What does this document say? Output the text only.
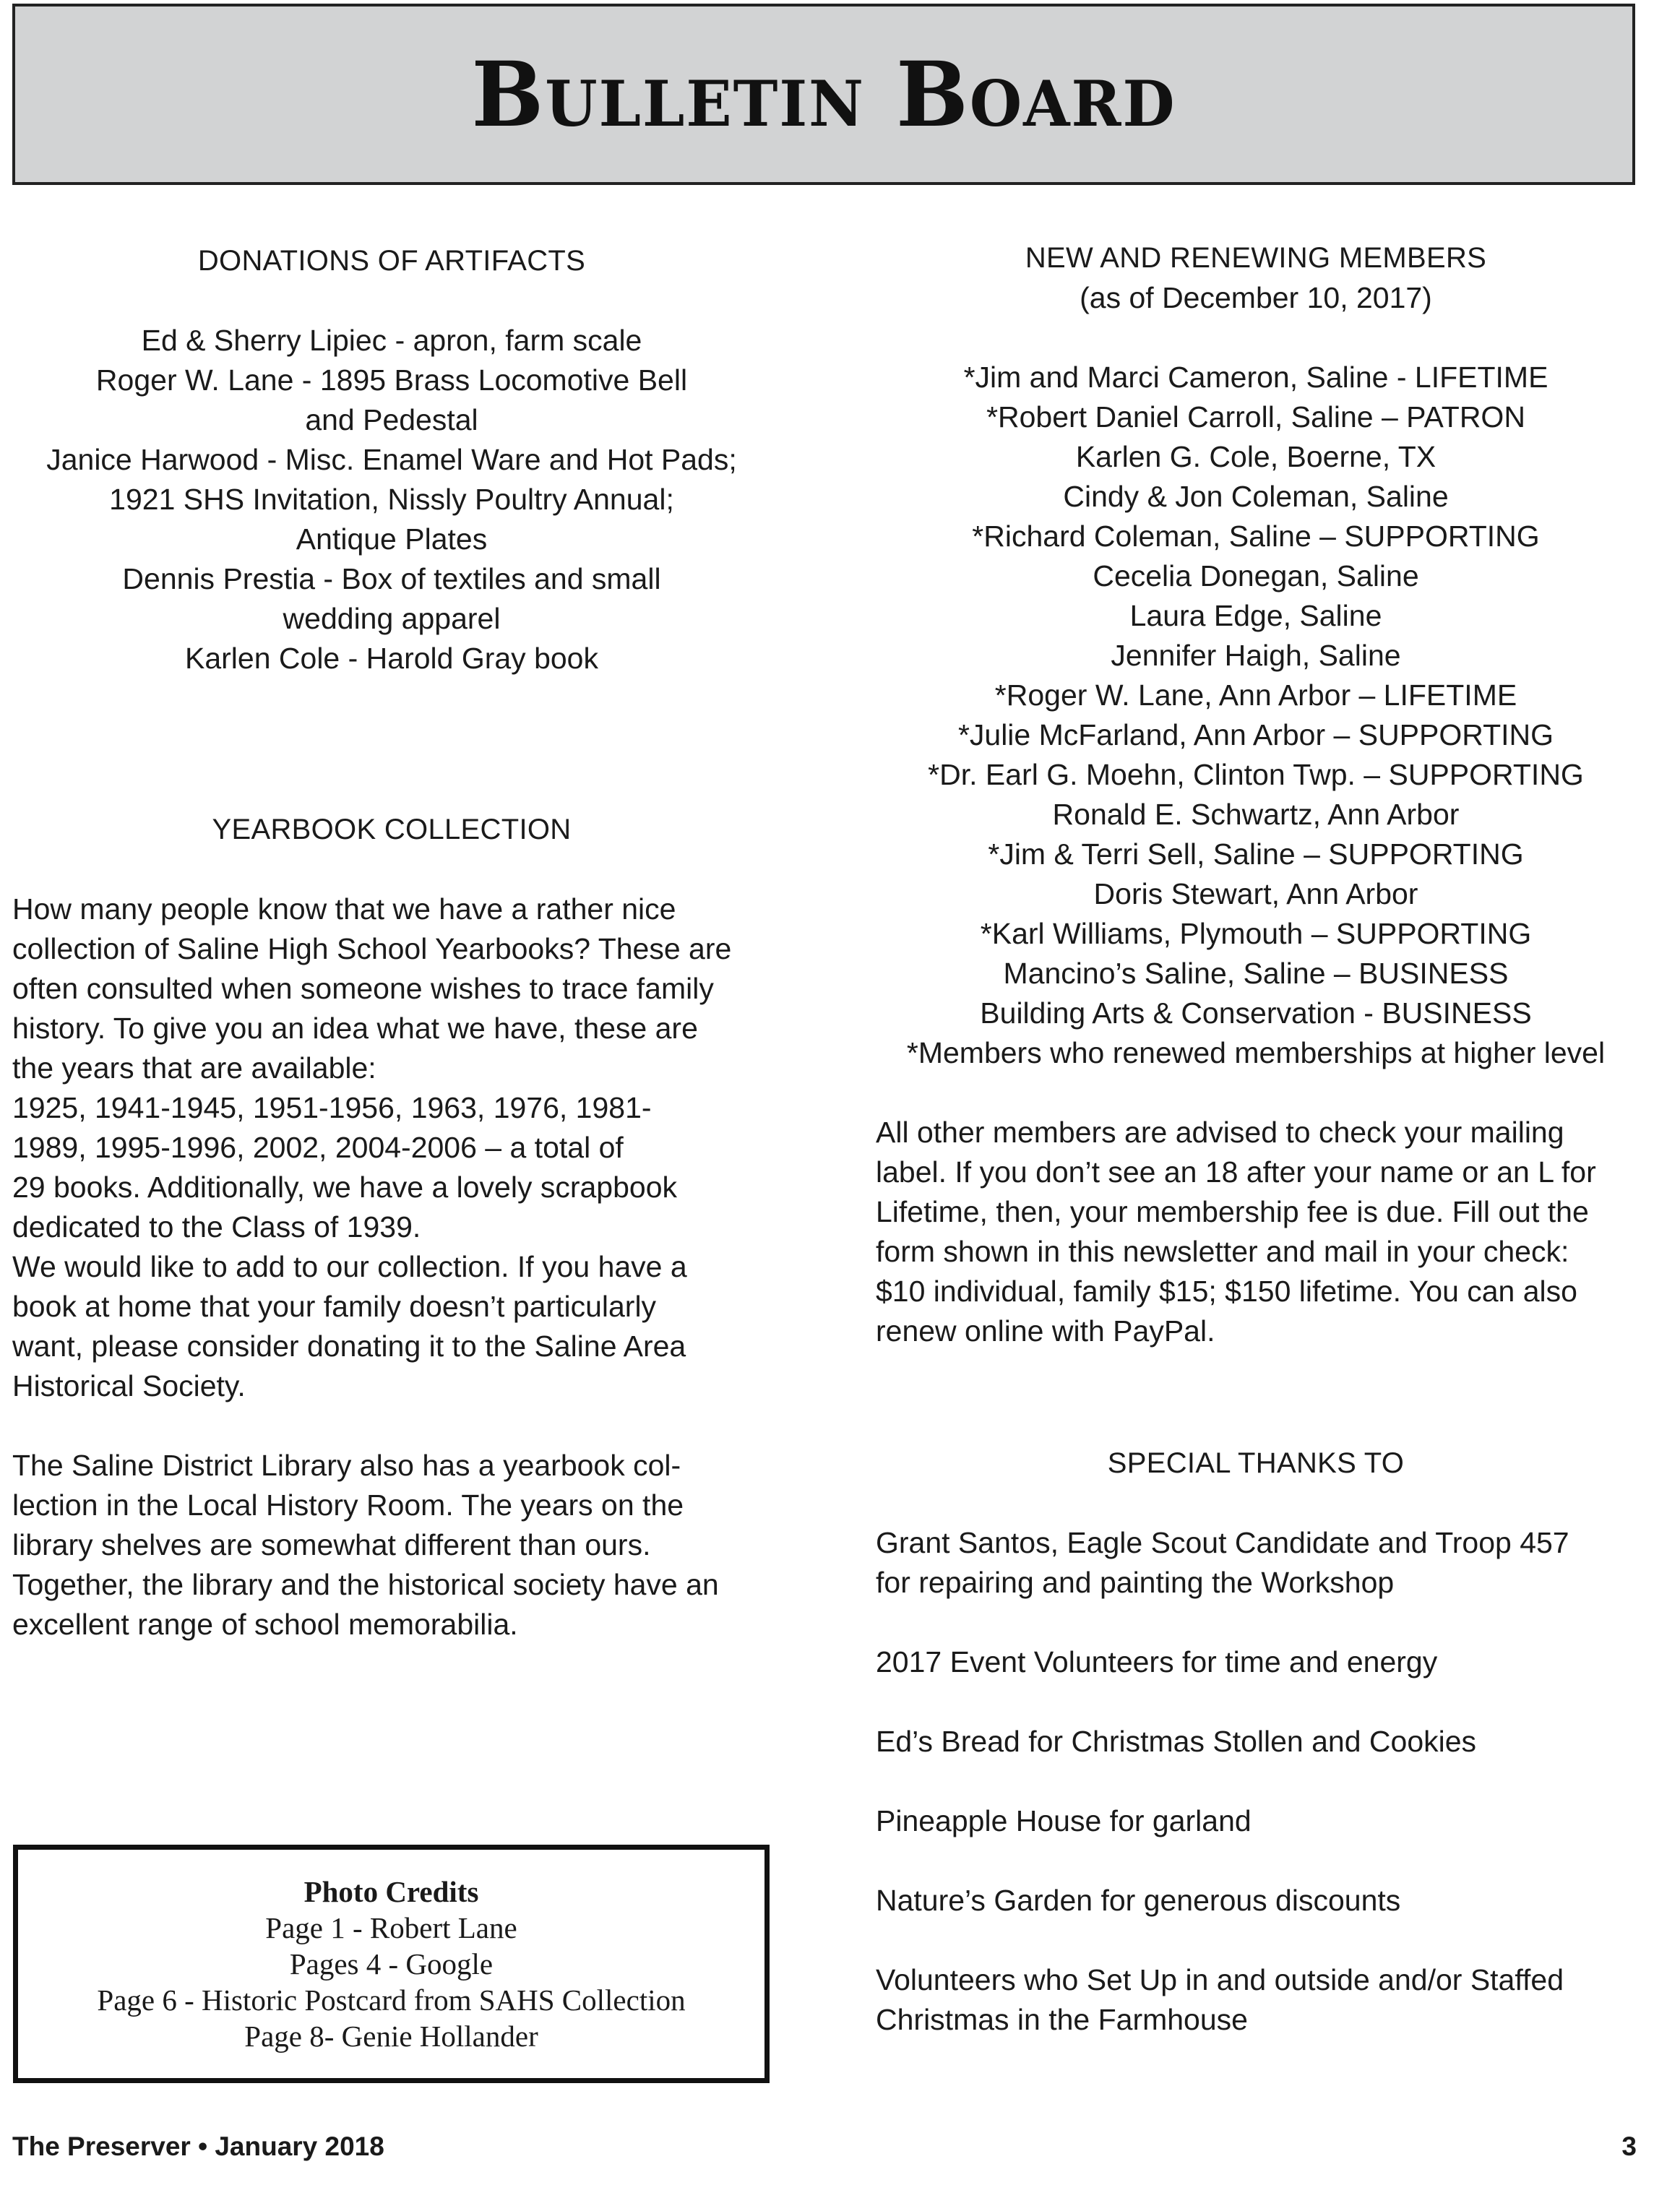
Bulletin Board
DONATIONS OF ARTIFACTS
Ed & Sherry Lipiec - apron, farm scale
Roger W. Lane - 1895 Brass Locomotive Bell
and Pedestal
Janice Harwood - Misc. Enamel Ware and Hot Pads;
1921 SHS Invitation, Nissly Poultry Annual;
Antique Plates
Dennis Prestia - Box of textiles and small
wedding apparel
Karlen Cole - Harold Gray book
YEARBOOK COLLECTION
How many people know that we have a rather nice
collection of Saline High School Yearbooks? These are
often consulted when someone wishes to trace family
history. To give you an idea what we have, these are
the years that are available:
1925, 1941-1945, 1951-1956, 1963, 1976, 1981-
1989, 1995-1996, 2002, 2004-2006 – a total of
29 books. Additionally, we have a lovely scrapbook
dedicated to the Class of 1939.
We would like to add to our collection. If you have a
book at home that your family doesn’t particularly
want, please consider donating it to the Saline Area
Historical Society.
The Saline District Library also has a yearbook col-
lection in the Local History Room. The years on the
library shelves are somewhat different than ours.
Together, the library and the historical society have an
excellent range of school memorabilia.
Photo Credits
Page 1 - Robert Lane
Pages 4 - Google
Page 6 - Historic Postcard from SAHS Collection
Page 8- Genie Hollander
NEW AND RENEWING MEMBERS
(as of December 10, 2017)
*Jim and Marci Cameron, Saline - LIFETIME
*Robert Daniel Carroll, Saline – PATRON
Karlen G. Cole, Boerne, TX
Cindy & Jon Coleman, Saline
*Richard Coleman, Saline – SUPPORTING
Cecelia Donegan, Saline
Laura Edge, Saline
Jennifer Haigh, Saline
*Roger W. Lane, Ann Arbor – LIFETIME
*Julie McFarland, Ann Arbor – SUPPORTING
*Dr. Earl G. Moehn, Clinton Twp. – SUPPORTING
Ronald E. Schwartz, Ann Arbor
*Jim & Terri Sell, Saline – SUPPORTING
Doris Stewart, Ann Arbor
*Karl Williams, Plymouth – SUPPORTING
Mancino’s Saline, Saline – BUSINESS
Building Arts & Conservation - BUSINESS
*Members who renewed memberships at higher level
All other members are advised to check your mailing
label. If you don’t see an 18 after your name or an L for
Lifetime, then, your membership fee is due. Fill out the
form shown in this newsletter and mail in your check:
$10 individual, family $15; $150 lifetime. You can also
renew online with PayPal.
SPECIAL THANKS TO
Grant Santos, Eagle Scout Candidate and Troop 457
for repairing and painting the Workshop
2017 Event Volunteers for time and energy
Ed’s Bread for Christmas Stollen and Cookies
Pineapple House for garland
Nature’s Garden for generous discounts
Volunteers who Set Up in and outside and/or Staffed
Christmas in the Farmhouse
The Preserver • January 2018	3
